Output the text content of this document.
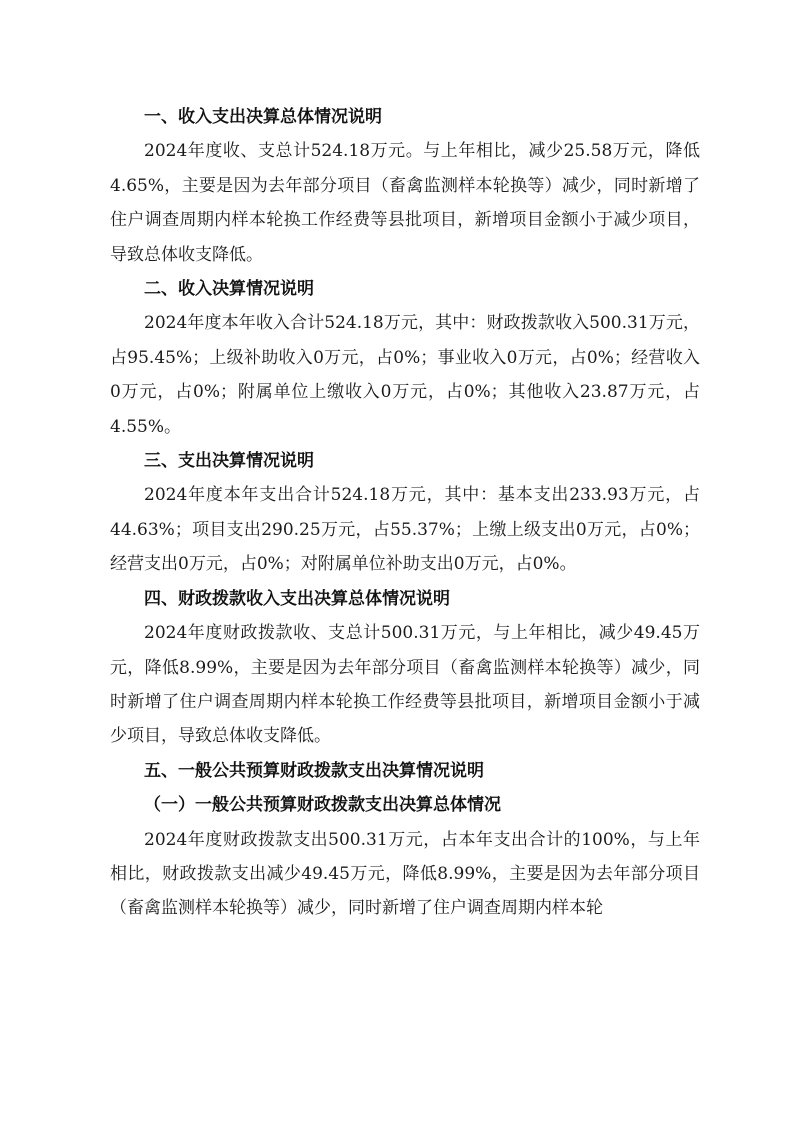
一、收入支出决算总体情况说明

2024年度收、支总计524.18万元。与上年相比，减少25.58万元，降低4.65%，主要是因为去年部分项目（畜禽监测样本轮换等）减少，同时新增了住户调查周期内样本轮换工作经费等县批项目，新增项目金额小于减少项目，导致总体收支降低。

二、收入决算情况说明

2024年度本年收入合计524.18万元，其中：财政拨款收入500.31万元，占95.45%；上级补助收入0万元，占0%；事业收入0万元，占0%；经营收入0万元，占0%；附属单位上缴收入0万元，占0%；其他收入23.87万元，占4.55%。

三、支出决算情况说明

2024年度本年支出合计524.18万元，其中：基本支出233.93万元，占44.63%；项目支出290.25万元，占55.37%；上缴上级支出0万元，占0%；经营支出0万元，占0%；对附属单位补助支出0万元，占0%。

四、财政拨款收入支出决算总体情况说明

2024年度财政拨款收、支总计500.31万元，与上年相比，减少49.45万元，降低8.99%，主要是因为去年部分项目（畜禽监测样本轮换等）减少，同时新增了住户调查周期内样本轮换工作经费等县批项目，新增项目金额小于减少项目，导致总体收支降低。

五、一般公共预算财政拨款支出决算情况说明

（一）一般公共预算财政拨款支出决算总体情况

2024年度财政拨款支出500.31万元，占本年支出合计的100%，与上年相比，财政拨款支出减少49.45万元，降低8.99%，主要是因为去年部分项目（畜禽监测样本轮换等）减少，同时新增了住户调查周期内样本轮
